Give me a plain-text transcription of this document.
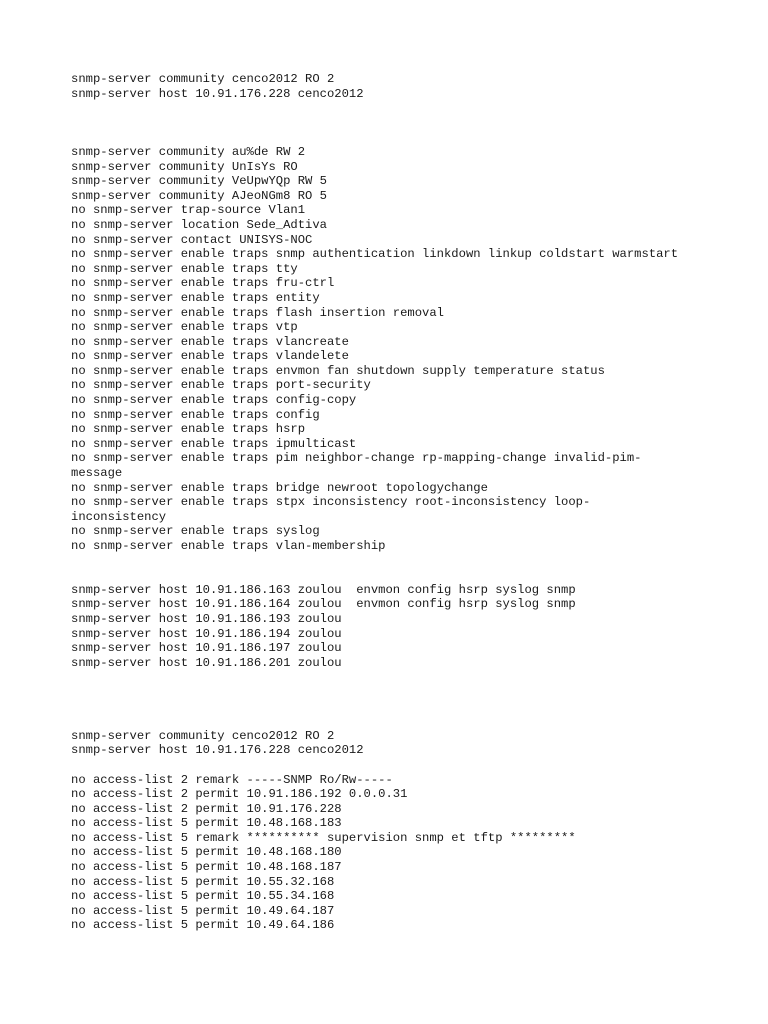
snmp-server community cenco2012 RO 2
snmp-server host 10.91.176.228 cenco2012
snmp-server community au%de RW 2
snmp-server community UnIsYs RO
snmp-server community VeUpwYQp RW 5
snmp-server community AJeoNGm8 RO 5
no snmp-server trap-source Vlan1
no snmp-server location Sede_Adtiva
no snmp-server contact UNISYS-NOC
no snmp-server enable traps snmp authentication linkdown linkup coldstart warmstart
no snmp-server enable traps tty
no snmp-server enable traps fru-ctrl
no snmp-server enable traps entity
no snmp-server enable traps flash insertion removal
no snmp-server enable traps vtp
no snmp-server enable traps vlancreate
no snmp-server enable traps vlandelete
no snmp-server enable traps envmon fan shutdown supply temperature status
no snmp-server enable traps port-security
no snmp-server enable traps config-copy
no snmp-server enable traps config
no snmp-server enable traps hsrp
no snmp-server enable traps ipmulticast
no snmp-server enable traps pim neighbor-change rp-mapping-change invalid-pim-
message
no snmp-server enable traps bridge newroot topologychange
no snmp-server enable traps stpx inconsistency root-inconsistency loop-
inconsistency
no snmp-server enable traps syslog
no snmp-server enable traps vlan-membership
snmp-server host 10.91.186.163 zoulou  envmon config hsrp syslog snmp
snmp-server host 10.91.186.164 zoulou  envmon config hsrp syslog snmp
snmp-server host 10.91.186.193 zoulou
snmp-server host 10.91.186.194 zoulou
snmp-server host 10.91.186.197 zoulou
snmp-server host 10.91.186.201 zoulou
snmp-server community cenco2012 RO 2
snmp-server host 10.91.176.228 cenco2012
no access-list 2 remark -----SNMP Ro/Rw-----
no access-list 2 permit 10.91.186.192 0.0.0.31
no access-list 2 permit 10.91.176.228
no access-list 5 permit 10.48.168.183
no access-list 5 remark ********** supervision snmp et tftp *********
no access-list 5 permit 10.48.168.180
no access-list 5 permit 10.48.168.187
no access-list 5 permit 10.55.32.168
no access-list 5 permit 10.55.34.168
no access-list 5 permit 10.49.64.187
no access-list 5 permit 10.49.64.186
